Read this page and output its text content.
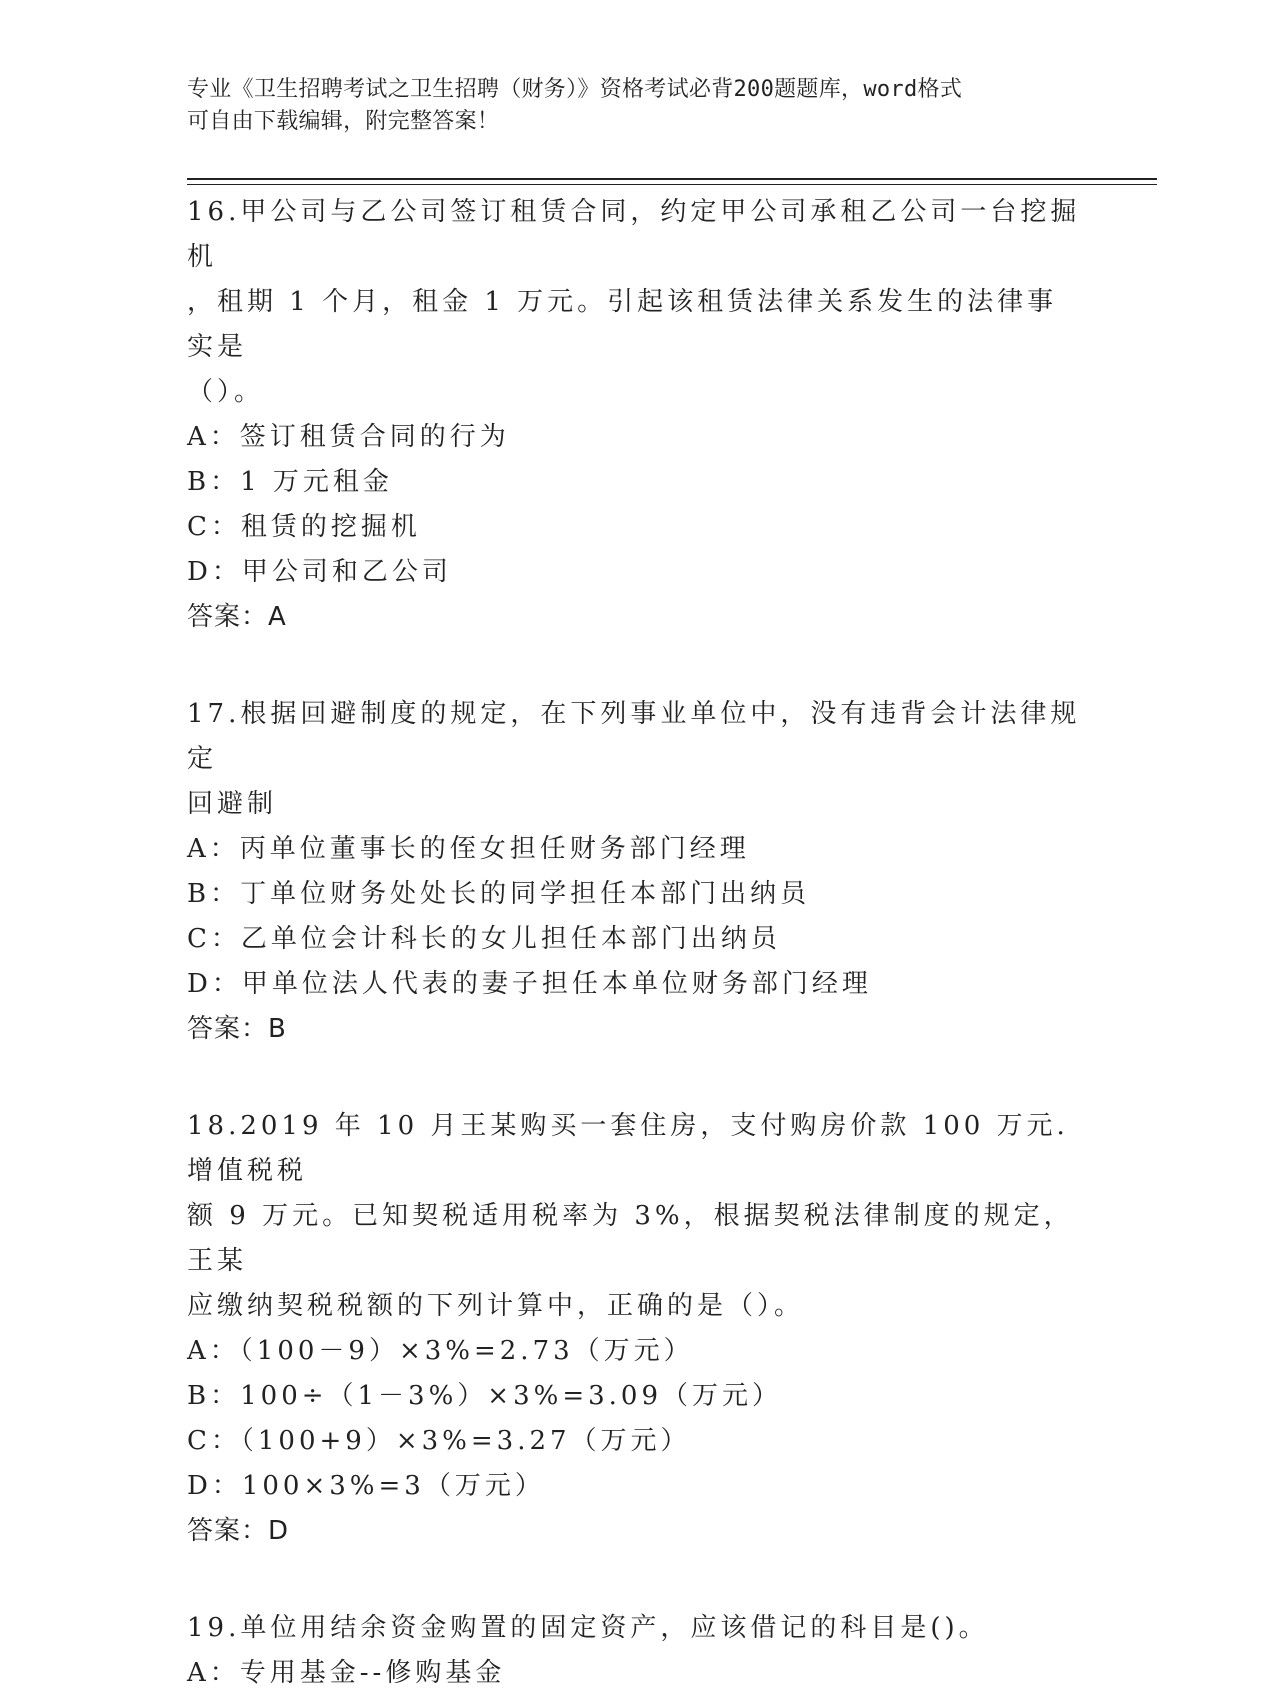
专业《卫生招聘考试之卫生招聘（财务）》资格考试必背200题题库，word格式
可自由下载编辑，附完整答案！
16.甲公司与乙公司签订租赁合同，约定甲公司承租乙公司一台挖掘机
，租期 1 个月，租金 1 万元。引起该租赁法律关系发生的法律事实是
（）。
A：签订租赁合同的行为
B：1 万元租金
C：租赁的挖掘机
D：甲公司和乙公司
答案：A
17.根据回避制度的规定，在下列事业单位中，没有违背会计法律规定
回避制
A：丙单位董事长的侄女担任财务部门经理
B：丁单位财务处处长的同学担任本部门出纳员
C：乙单位会计科长的女儿担任本部门出纳员
D：甲单位法人代表的妻子担任本单位财务部门经理
答案：B
18.2019 年 10 月王某购买一套住房，支付购房价款 100 万元.增值税税
额 9 万元。已知契税适用税率为 3%，根据契税法律制度的规定，王某
应缴纳契税税额的下列计算中，正确的是（）。
A：（100－9）×3%=2.73（万元）
B：100÷（1－3%）×3%=3.09（万元）
C：（100+9）×3%=3.27（万元）
D：100×3%=3（万元）
答案：D
19.单位用结余资金购置的固定资产，应该借记的科目是()。
A：专用基金--修购基金
